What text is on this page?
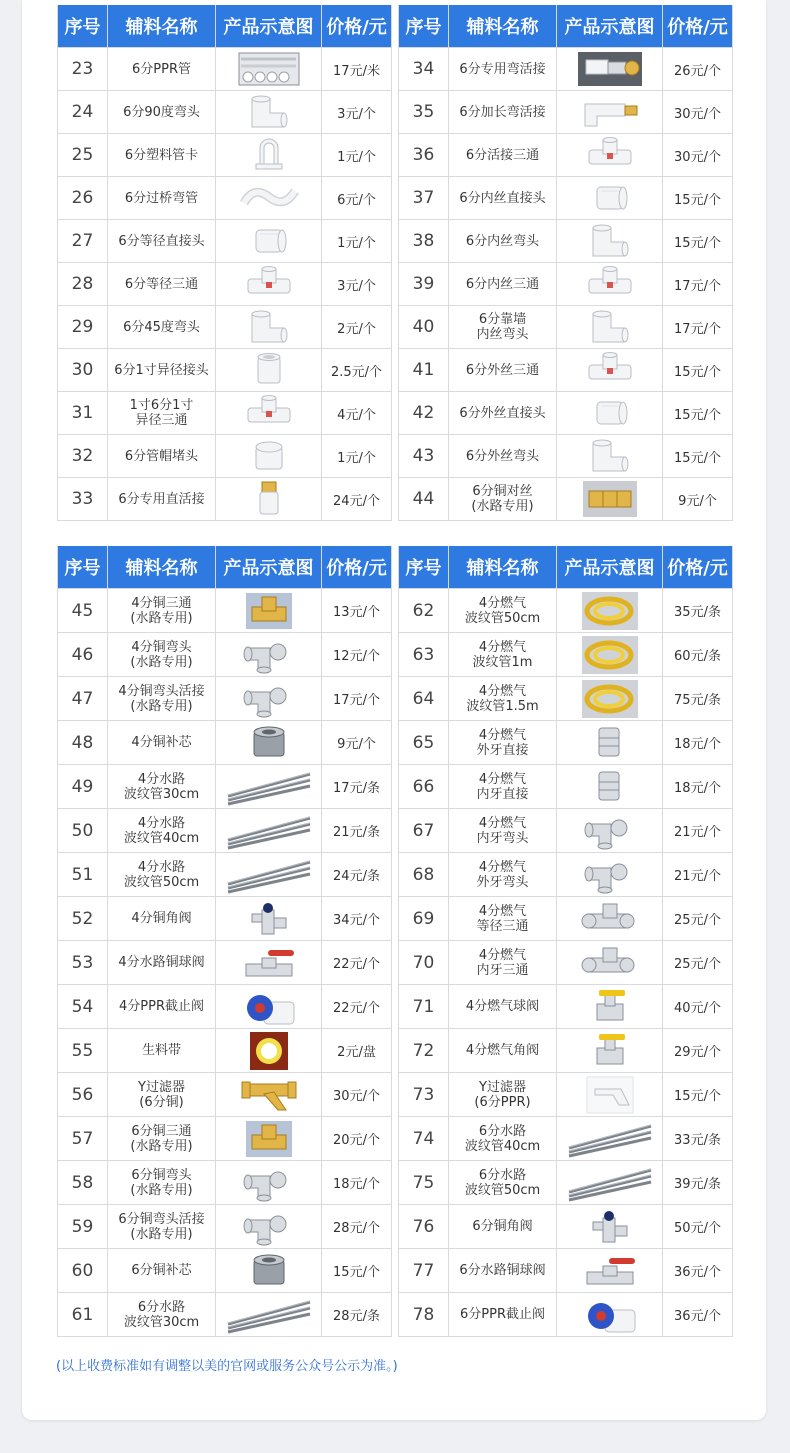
序号	辅料名称	产品示意图	价格/元
23	6分PPR管		17元/米
24	6分90度弯头		3元/个
25	6分塑料管卡		1元/个
26	6分过桥弯管		6元/个
27	6分等径直接头		1元/个
28	6分等径三通		3元/个
29	6分45度弯头		2元/个
30	6分1寸异径接头		2.5元/个
31	1寸6分1寸
异径三通		4元/个
32	6分管帽堵头		1元/个
33	6分专用直活接		24元/个
序号	辅料名称	产品示意图	价格/元
34	6分专用弯活接		26元/个
35	6分加长弯活接		30元/个
36	6分活接三通		30元/个
37	6分内丝直接头		15元/个
38	6分内丝弯头		15元/个
39	6分内丝三通		17元/个
40	6分靠墙
内丝弯头		17元/个
41	6分外丝三通		15元/个
42	6分外丝直接头		15元/个
43	6分外丝弯头		15元/个
44	6分铜对丝
(水路专用)		9元/个
序号	辅料名称	产品示意图	价格/元
45	4分铜三通
(水路专用)		13元/个
46	4分铜弯头
(水路专用)		12元/个
47	4分铜弯头活接
(水路专用)		17元/个
48	4分铜补芯		9元/个
49	4分水路
波纹管30cm		17元/条
50	4分水路
波纹管40cm		21元/条
51	4分水路
波纹管50cm		24元/条
52	4分铜角阀		34元/个
53	4分水路铜球阀		22元/个
54	4分PPR截止阀		22元/个
55	生料带		2元/盘
56	Y过滤器
(6分铜)		30元/个
57	6分铜三通
(水路专用)		20元/个
58	6分铜弯头
(水路专用)		18元/个
59	6分铜弯头活接
(水路专用)		28元/个
60	6分铜补芯		15元/个
61	6分水路
波纹管30cm		28元/条
序号	辅料名称	产品示意图	价格/元
62	4分燃气
波纹管50cm		35元/条
63	4分燃气
波纹管1m		60元/条
64	4分燃气
波纹管1.5m		75元/条
65	4分燃气
外牙直接		18元/个
66	4分燃气
内牙直接		18元/个
67	4分燃气
内牙弯头		21元/个
68	4分燃气
外牙弯头		21元/个
69	4分燃气
等径三通		25元/个
70	4分燃气
内牙三通		25元/个
71	4分燃气球阀		40元/个
72	4分燃气角阀		29元/个
73	Y过滤器
(6分PPR)		15元/个
74	6分水路
波纹管40cm		33元/条
75	6分水路
波纹管50cm		39元/条
76	6分铜角阀		50元/个
77	6分水路铜球阀		36元/个
78	6分PPR截止阀		36元/个
(以上收费标准如有调整以美的官网或服务公众号公示为准。)
